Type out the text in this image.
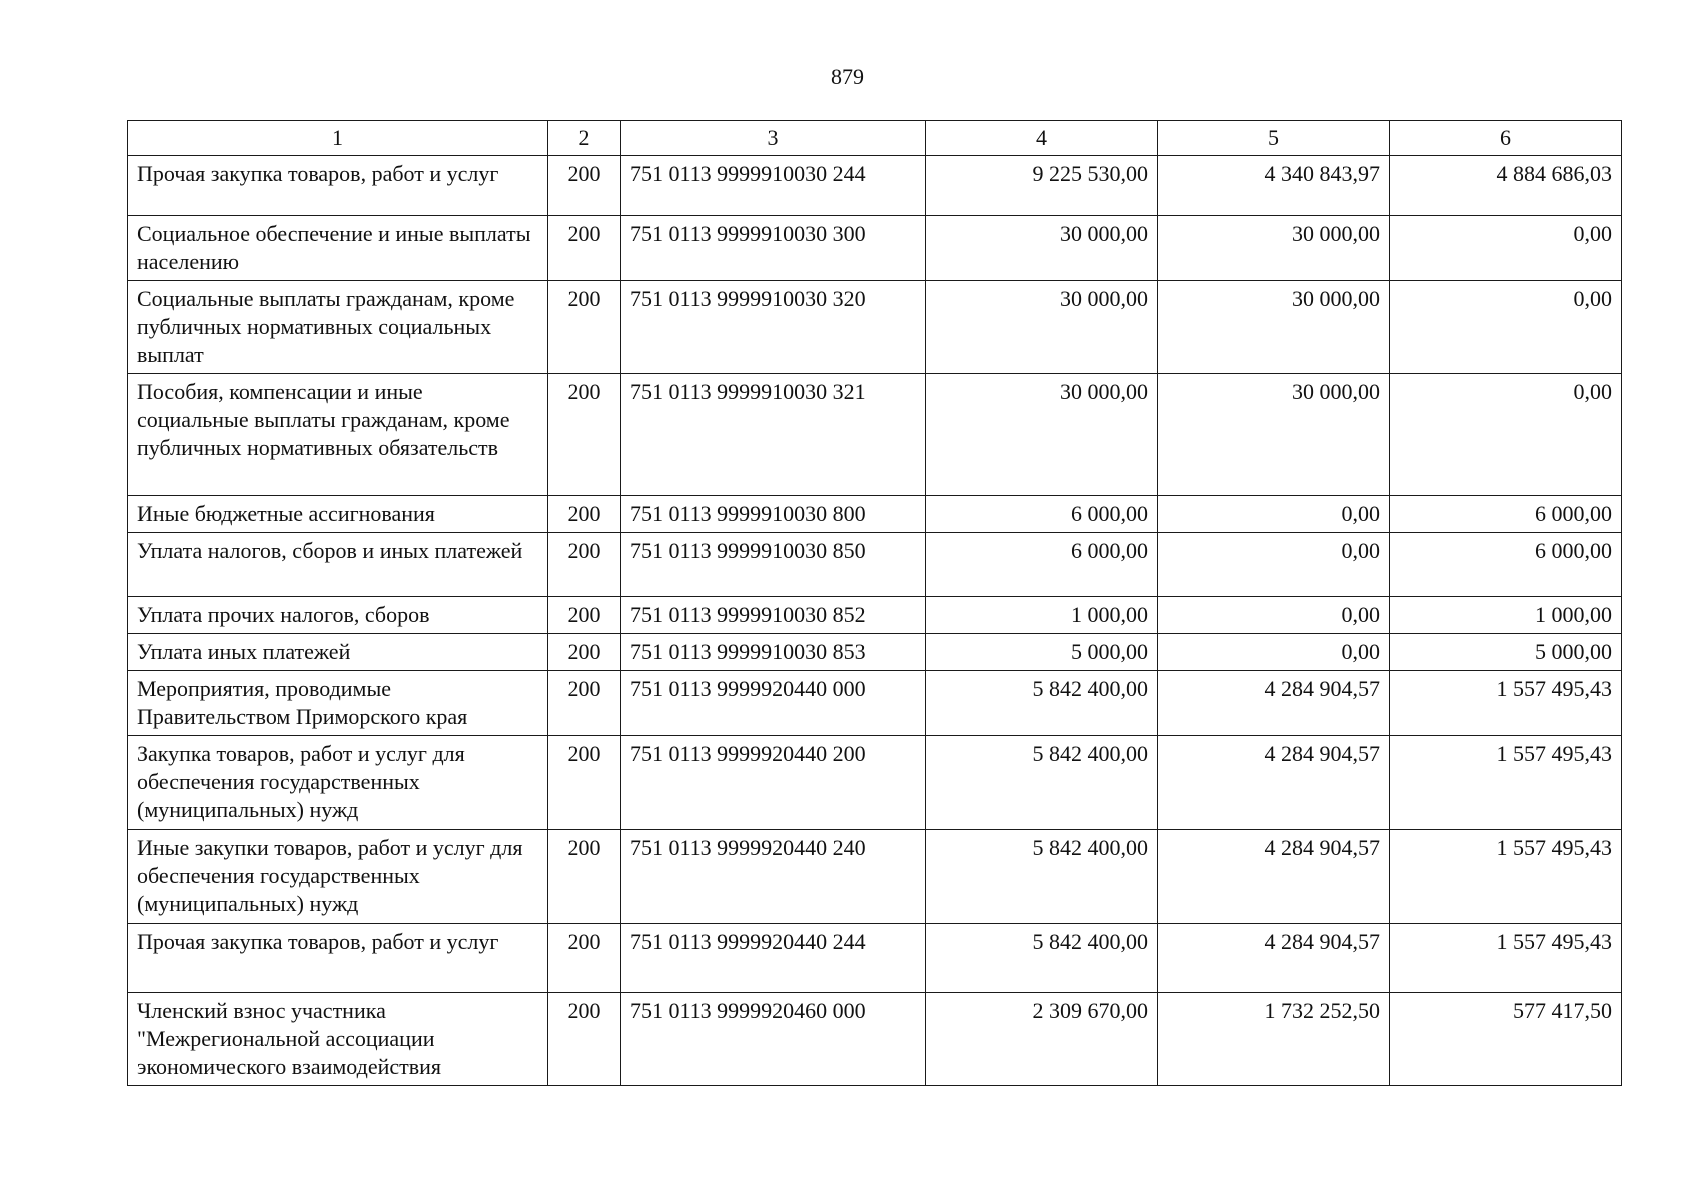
879
1	2	3	4	5	6
Прочая закупка товаров, работ и услуг	200	751 0113 9999910030 244	9 225 530,00	4 340 843,97	4 884 686,03
Социальное обеспечение и иные выплаты населению	200	751 0113 9999910030 300	30 000,00	30 000,00	0,00
Социальные выплаты гражданам, кроме публичных нормативных социальных выплат	200	751 0113 9999910030 320	30 000,00	30 000,00	0,00
Пособия, компенсации и иные социальные выплаты гражданам, кроме публичных нормативных обязательств	200	751 0113 9999910030 321	30 000,00	30 000,00	0,00
Иные бюджетные ассигнования	200	751 0113 9999910030 800	6 000,00	0,00	6 000,00
Уплата налогов, сборов и иных платежей	200	751 0113 9999910030 850	6 000,00	0,00	6 000,00
Уплата прочих налогов, сборов	200	751 0113 9999910030 852	1 000,00	0,00	1 000,00
Уплата иных платежей	200	751 0113 9999910030 853	5 000,00	0,00	5 000,00
Мероприятия, проводимые Правительством Приморского края	200	751 0113 9999920440 000	5 842 400,00	4 284 904,57	1 557 495,43
Закупка товаров, работ и услуг для обеспечения государственных (муниципальных) нужд	200	751 0113 9999920440 200	5 842 400,00	4 284 904,57	1 557 495,43
Иные закупки товаров, работ и услуг для обеспечения государственных (муниципальных) нужд	200	751 0113 9999920440 240	5 842 400,00	4 284 904,57	1 557 495,43
Прочая закупка товаров, работ и услуг	200	751 0113 9999920440 244	5 842 400,00	4 284 904,57	1 557 495,43
Членский взнос участника "Межрегиональной ассоциации экономического взаимодействия	200	751 0113 9999920460 000	2 309 670,00	1 732 252,50	577 417,50
